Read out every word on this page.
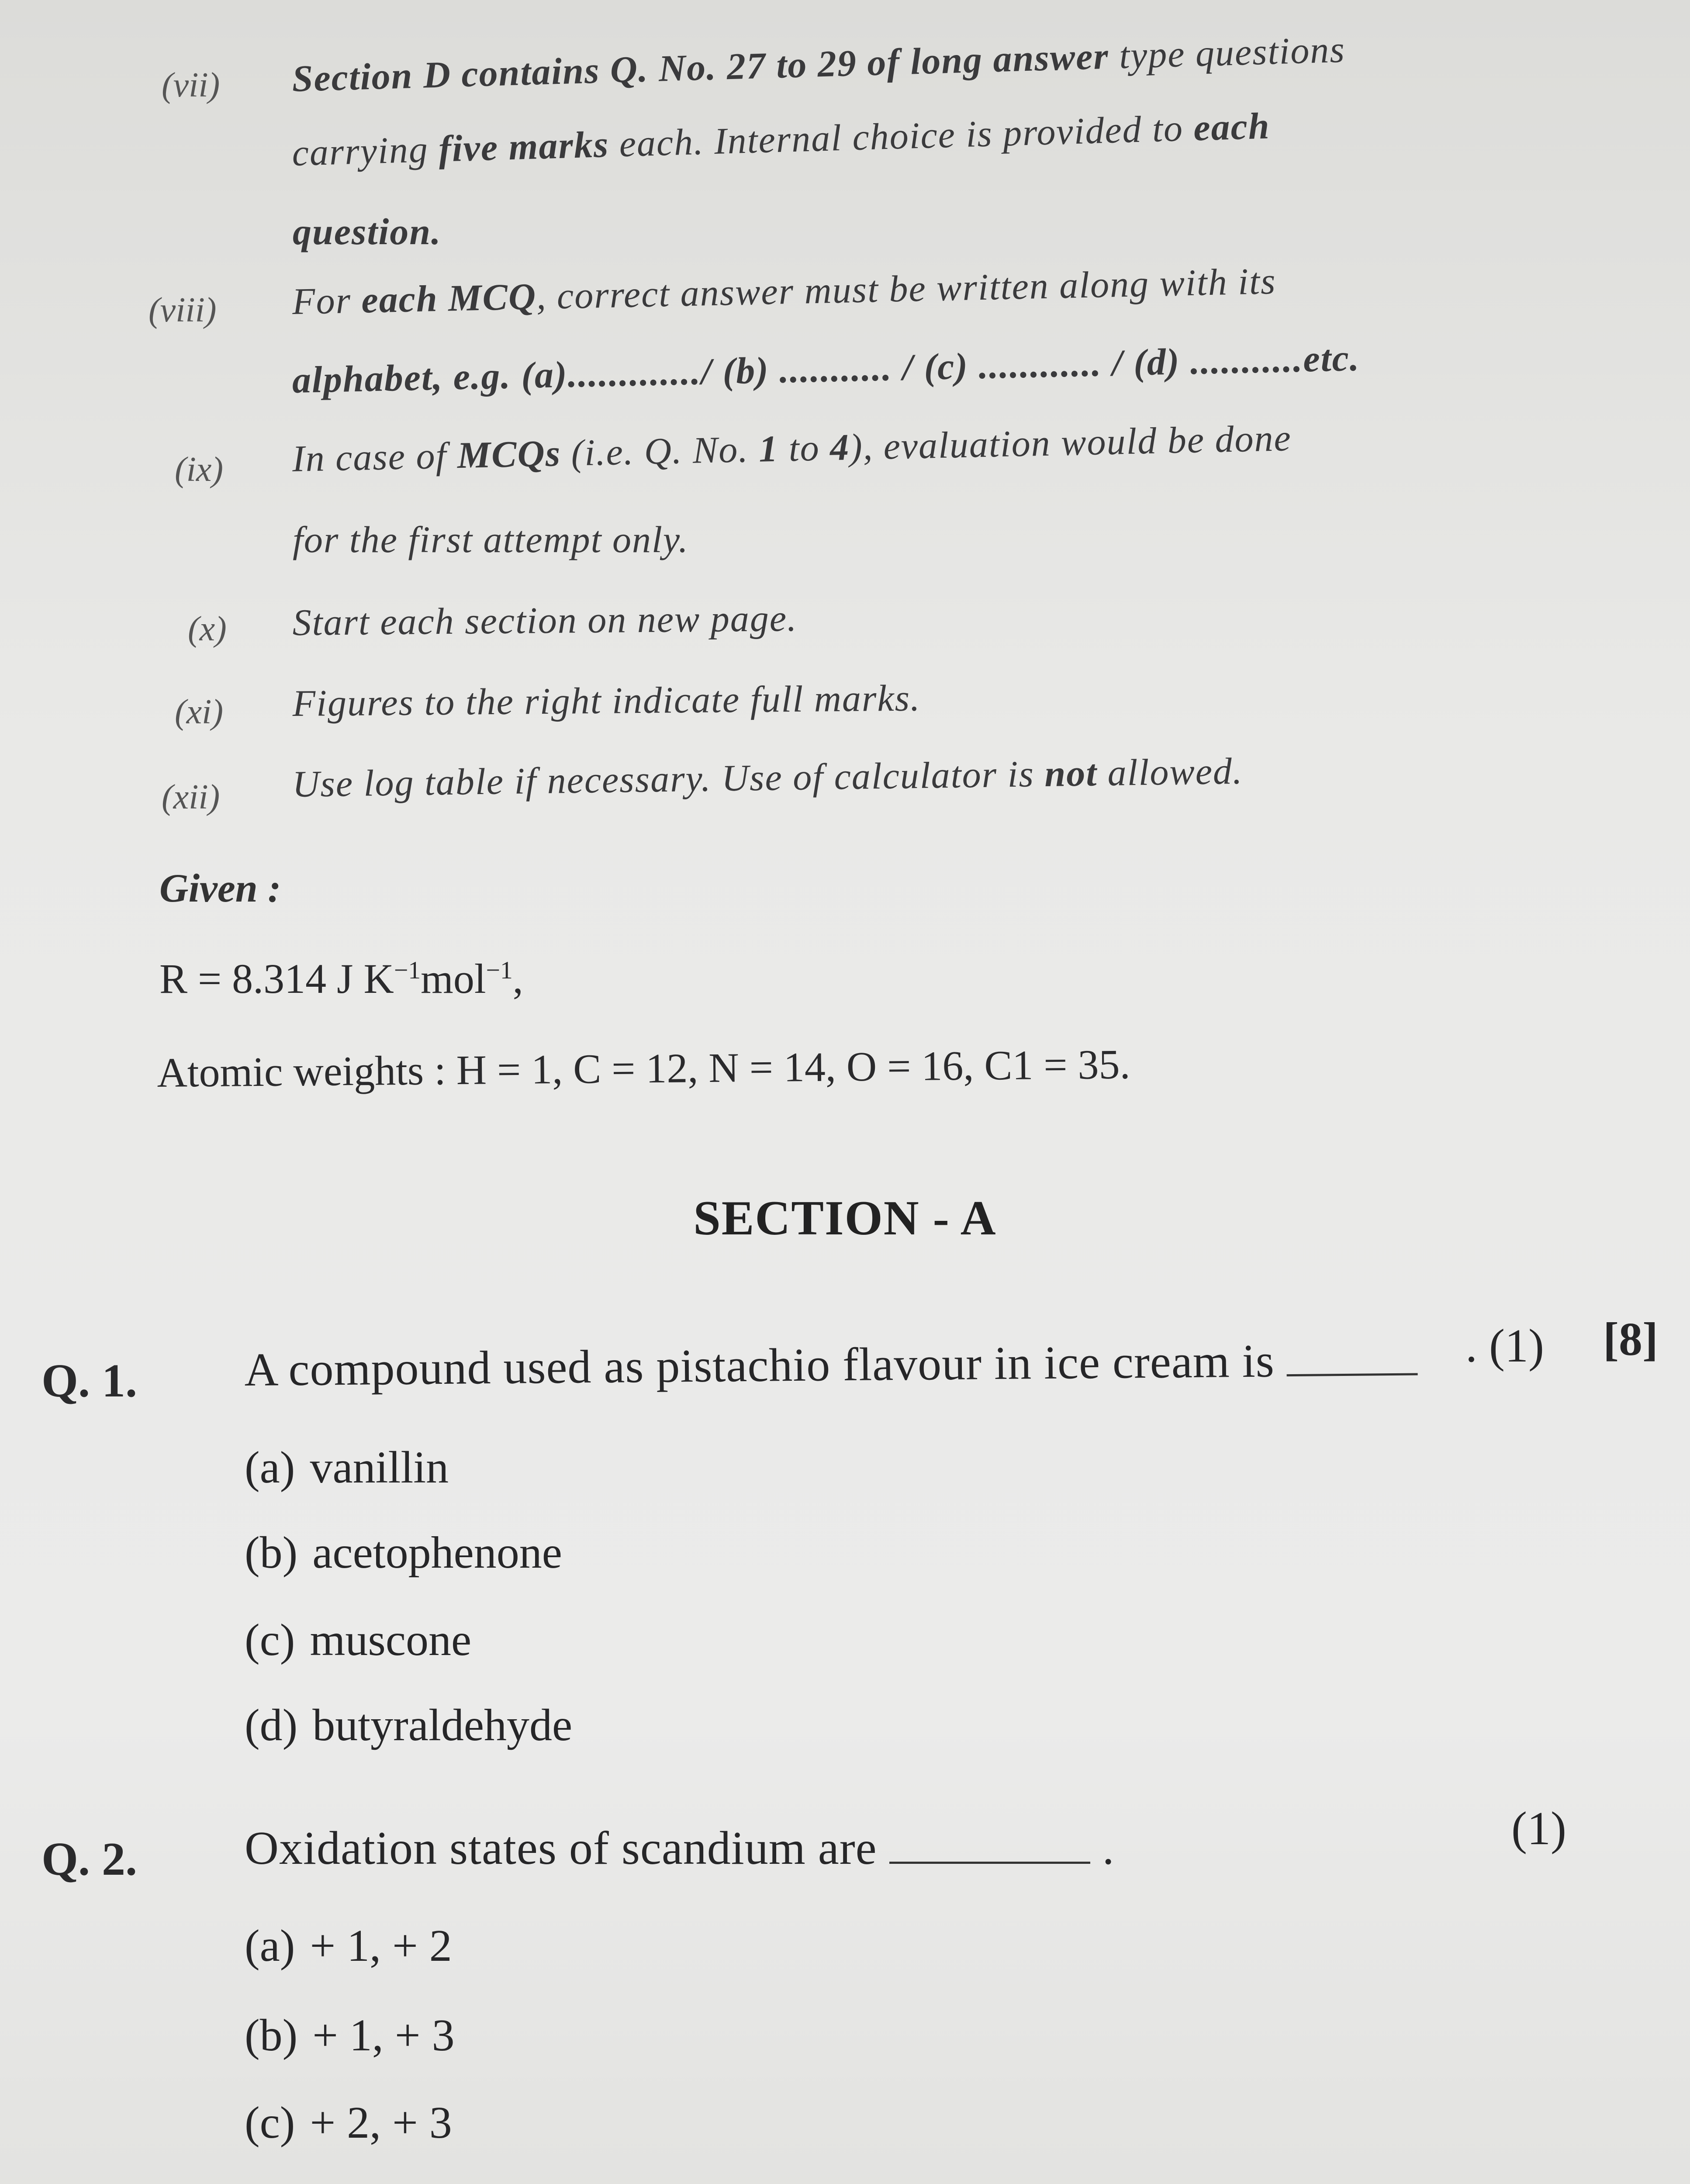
(vii) Section D contains Q. No. 27 to 29 of long answer type questions
carrying five marks each. Internal choice is provided to each
question.
(viii) For each MCQ, correct answer must be written along with its
alphabet, e.g. (a)............./ (b) ........... / (c) ............ / (d) ...........etc.
(ix) In case of MCQs (i.e. Q. No. 1 to 4), evaluation would be done
for the first attempt only.
(x) Start each section on new page.
(xi) Figures to the right indicate full marks.
(xii) Use log table if necessary. Use of calculator is not allowed.
Given :
R = 8.314 J $K^{-1}mol^{-1}$,
Atomic weights : H = 1, C = 12, N = 14, O = 16, C1 = 35.
SECTION - A
Q. 1. A compound used as pistachio flavour in ice cream is	. (1) [8]
(a) vanillin
(b) acetophenone
(c) muscone
(d) butyraldehyde
Q. 2. Oxidation states of scandium are	.	(1)
(a) + 1, + 2
(b) + 1, + 3
(c) + 2, + 3
